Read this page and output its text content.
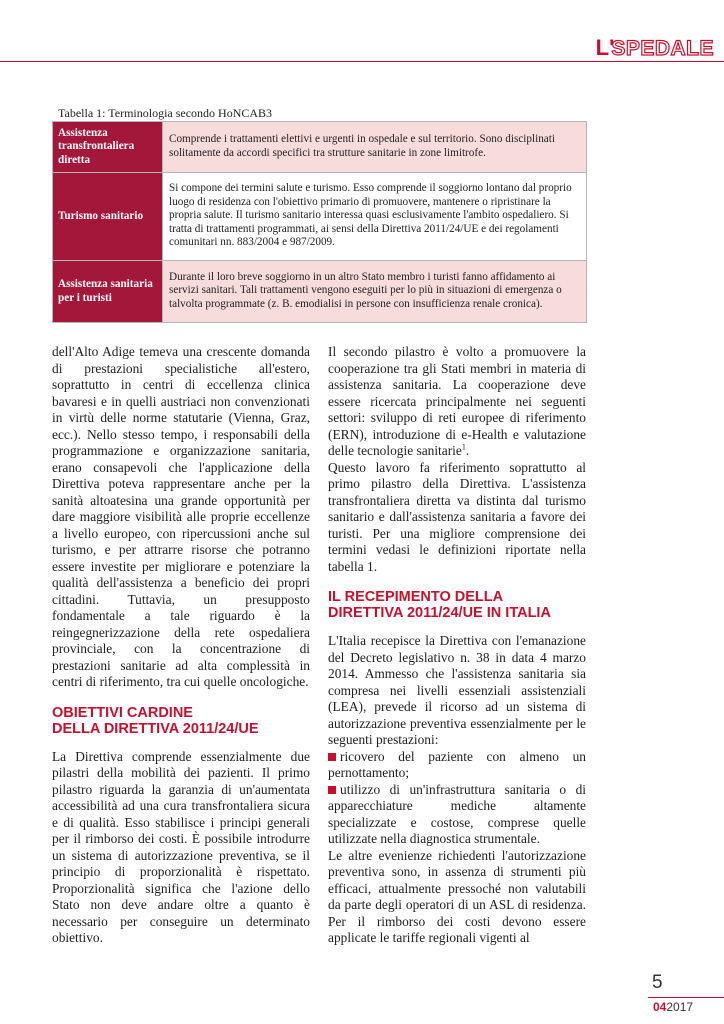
L'
SPEDALE
Tabella 1: Terminologia secondo HoNCAB3
Assistenza transfrontaliera diretta	Comprende i trattamenti elettivi e urgenti in ospedale e sul territorio. Sono disciplinati solitamente da accordi specifici tra strutture sanitarie in zone limitrofe.
Turismo sanitario	Si compone dei termini salute e turismo. Esso comprende il soggiorno lontano dal proprio luogo di residenza con l'obiettivo primario di promuovere, mantenere o ripristinare la propria salute. Il turismo sanitario interessa quasi esclusivamente l'ambito ospedaliero. Si tratta di trattamenti programmati, ai sensi della Direttiva 2011/24/UE e dei regolamenti comunitari nn. 883/2004 e 987/2009.
Assistenza sanitaria per i turisti	Durante il loro breve soggiorno in un altro Stato membro i turisti fanno affidamento ai servizi sanitari. Tali trattamenti vengono eseguiti per lo più in situazioni di emergenza o talvolta programmate (z. B. emodialisi in persone con insufficienza renale cronica).

dell'Alto Adige temeva una crescente domanda di prestazioni specialistiche all'estero, soprattutto in centri di eccellenza clinica bavaresi e in quelli austriaci non convenzionati in virtù delle norme statutarie (Vienna, Graz, ecc.). Nello stesso tempo, i responsabili della programmazione e organizzazione sanitaria, erano consapevoli che l'applicazione della Direttiva poteva rappresentare anche per la sanità altoatesina una grande opportunità per dare maggiore visibilità alle proprie eccellenze a livello europeo, con ripercussioni anche sul turismo, e per attrarre risorse che potranno essere investite per migliorare e potenziare la qualità dell'assistenza a beneficio dei propri cittadini. Tuttavia, un presupposto fondamentale a tale riguardo è la reingegnerizzazione della rete ospedaliera provinciale, con la concentrazione di prestazioni sanitarie ad alta complessità in centri di riferimento, tra cui quelle oncologiche.

OBIETTIVI CARDINE
DELLA DIRETTIVA 2011/24/UE

La Direttiva comprende essenzialmente due pilastri della mobilità dei pazienti. Il primo pilastro riguarda la garanzia di un'aumentata accessibilità ad una cura transfrontaliera sicura e di qualità. Esso stabilisce i principi generali per il rimborso dei costi. È possibile introdurre un sistema di autorizzazione preventiva, se il principio di proporzionalità è rispettato. Proporzionalità significa che l'azione dello Stato non deve andare oltre a quanto è necessario per conseguire un determinato obiettivo.

Il secondo pilastro è volto a promuovere la cooperazione tra gli Stati membri in materia di assistenza sanitaria. La cooperazione deve essere ricercata principalmente nei seguenti settori: sviluppo di reti europee di riferimento (ERN), introduzione di e-Health e valutazione delle tecnologie sanitarie$^1$.

Questo lavoro fa riferimento soprattutto al primo pilastro della Direttiva. L'assistenza transfrontaliera diretta va distinta dal turismo sanitario e dall'assistenza sanitaria a favore dei turisti. Per una migliore comprensione dei termini vedasi le definizioni riportate nella tabella 1.

IL RECEPIMENTO DELLA
DIRETTIVA 2011/24/UE IN ITALIA

L'Italia recepisce la Direttiva con l'emanazione del Decreto legislativo n. 38 in data 4 marzo 2014. Ammesso che l'assistenza sanitaria sia compresa nei livelli essenziali assistenziali (LEA), prevede il ricorso ad un sistema di autorizzazione preventiva essenzialmente per le seguenti prestazioni:

ricovero del paziente con almeno un pernottamento;

utilizzo di un'infrastruttura sanitaria o di apparecchiature mediche altamente specializzate e costose, comprese quelle utilizzate nella diagnostica strumentale.

Le altre evenienze richiedenti l'autorizzazione preventiva sono, in assenza di strumenti più efficaci, attualmente pressoché non valutabili da parte degli operatori di un ASL di residenza. Per il rimborso dei costi devono essere applicate le tariffe regionali vigenti al

5
042017
